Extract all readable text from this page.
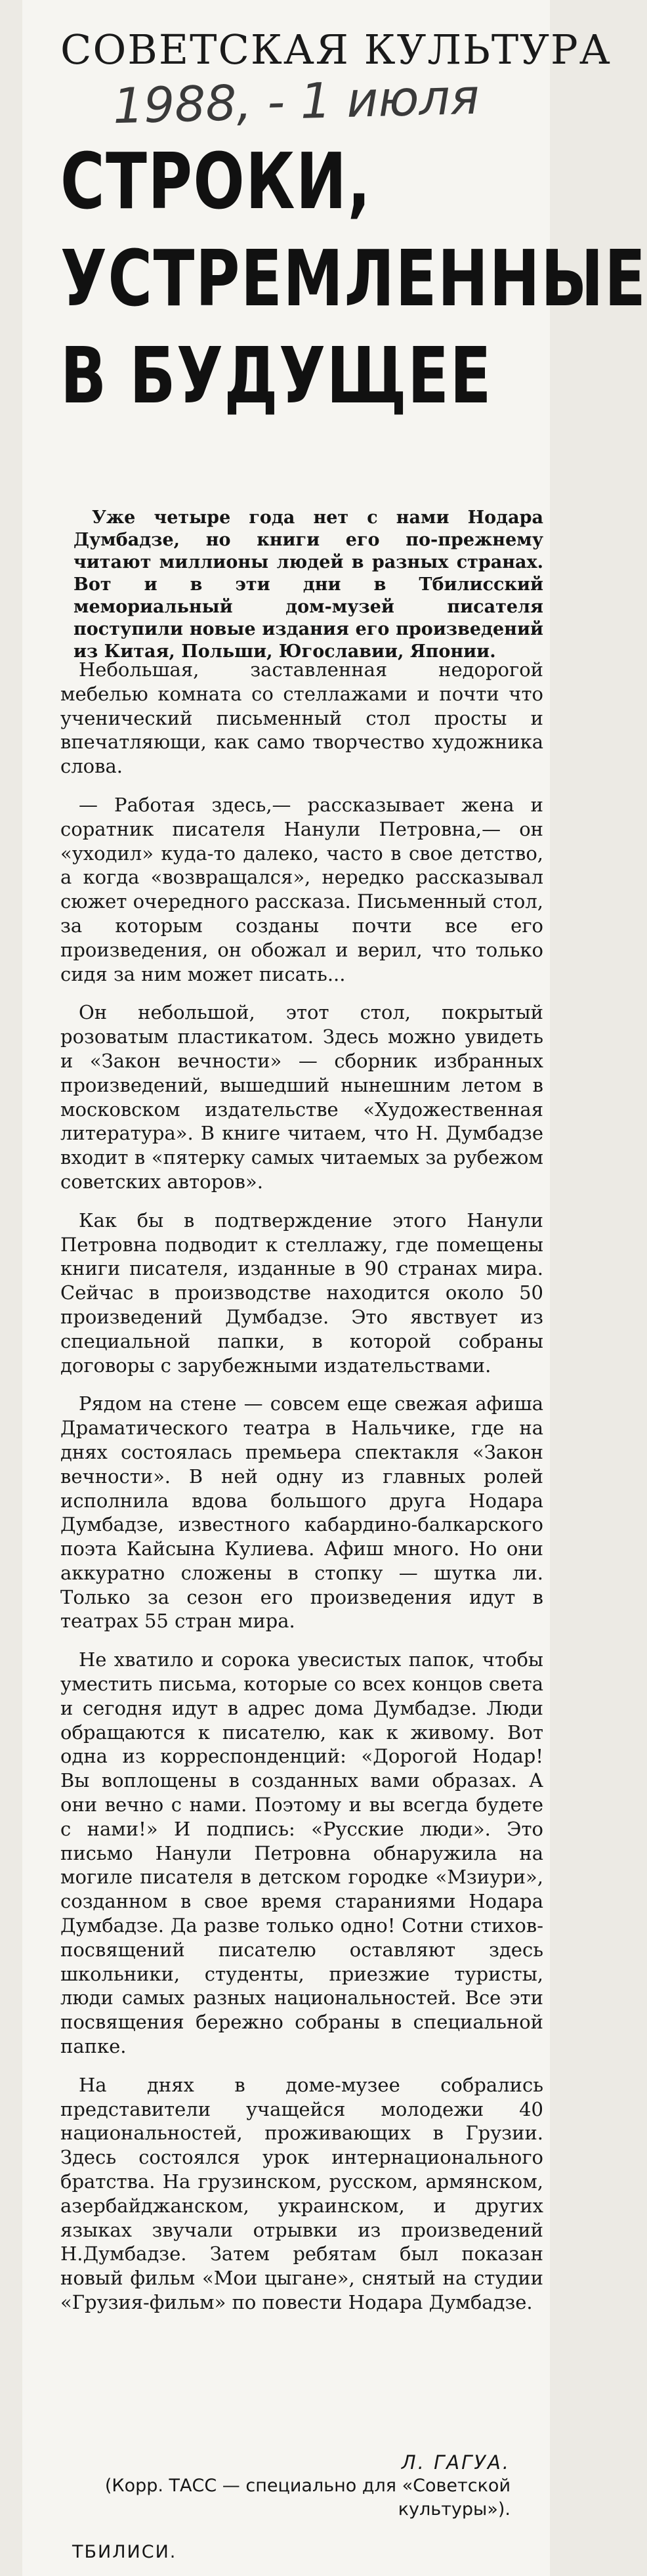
СОВЕТСКАЯ КУЛЬТУРА
1988, - 1 июля
СТРОКИ,
УСТРЕМЛЕННЫЕ
В БУДУЩЕЕ
Уже четыре года нет с нами Нодара Думбадзе, но книги его по-прежнему читают миллионы людей в разных странах. Вот и в эти дни в Тбилисский мемориальный дом-музей писателя поступили новые издания его произведений из Китая, Польши, Югославии, Японии.

Небольшая, заставленная недорогой мебелью комната со стеллажами и почти что ученический письменный стол просты и впечатляющи, как само творчество художника слова.

— Работая здесь,— рассказывает жена и соратник писателя Нанули Петровна,— он «уходил» куда-то далеко, часто в свое детство, а когда «возвращался», нередко рассказывал сюжет очередного рассказа. Письменный стол, за которым созданы почти все его произведения, он обожал и верил, что только сидя за ним может писать...

Он небольшой, этот стол, покрытый розоватым пластикатом. Здесь можно увидеть и «Закон вечности» — сборник избранных произведений, вышедший нынешним летом в московском издательстве «Художественная литература». В книге читаем, что Н. Думбадзе входит в «пятерку самых читаемых за рубежом советских авторов».

Как бы в подтверждение этого Нанули Петровна подводит к стеллажу, где помещены книги писателя, изданные в 90 странах мира. Сейчас в производстве находится около 50 произведений Думбадзе. Это явствует из специальной папки, в которой собраны договоры с зарубежными издательствами.

Рядом на стене — совсем еще свежая афиша Драматического театра в Нальчике, где на днях состоялась премьера спектакля «Закон вечности». В ней одну из главных ролей исполнила вдова большого друга Нодара Думбадзе, известного кабардино-балкарского поэта Кайсына Кулиева. Афиш много. Но они аккуратно сложены в стопку — шутка ли. Только за сезон его произведения идут в театрах 55 стран мира.

Не хватило и сорока увесистых папок, чтобы уместить письма, которые со всех концов света и сегодня идут в адрес дома Думбадзе. Люди обращаются к писателю, как к живому. Вот одна из корреспонденций: «Дорогой Нодар! Вы воплощены в созданных вами образах. А они вечно с нами. Поэтому и вы всегда будете с нами!» И подпись: «Русские люди». Это письмо Нанули Петровна обнаружила на могиле писателя в детском городке «Мзиури», созданном в свое время стараниями Нодара Думбадзе. Да разве только одно! Сотни стихов-посвящений писателю оставляют здесь школьники, студенты, приезжие туристы, люди самых разных национальностей. Все эти посвящения бережно собраны в специальной папке.

На днях в доме-музее собрались представители учащейся молодежи 40 национальностей, проживающих в Грузии. Здесь состоялся урок интернационального братства. На грузинском, русском, армянском, азербайджанском, украинском, и других языках звучали отрывки из произведений Н.Думбадзе. Затем ребятам был показан новый фильм «Мои цыгане», снятый на студии «Грузия-фильм» по повести Нодара Думбадзе.

Л. ГАГУА.
(Корр. ТАСС — специально для «Советской культуры»).
ТБИЛИСИ.
